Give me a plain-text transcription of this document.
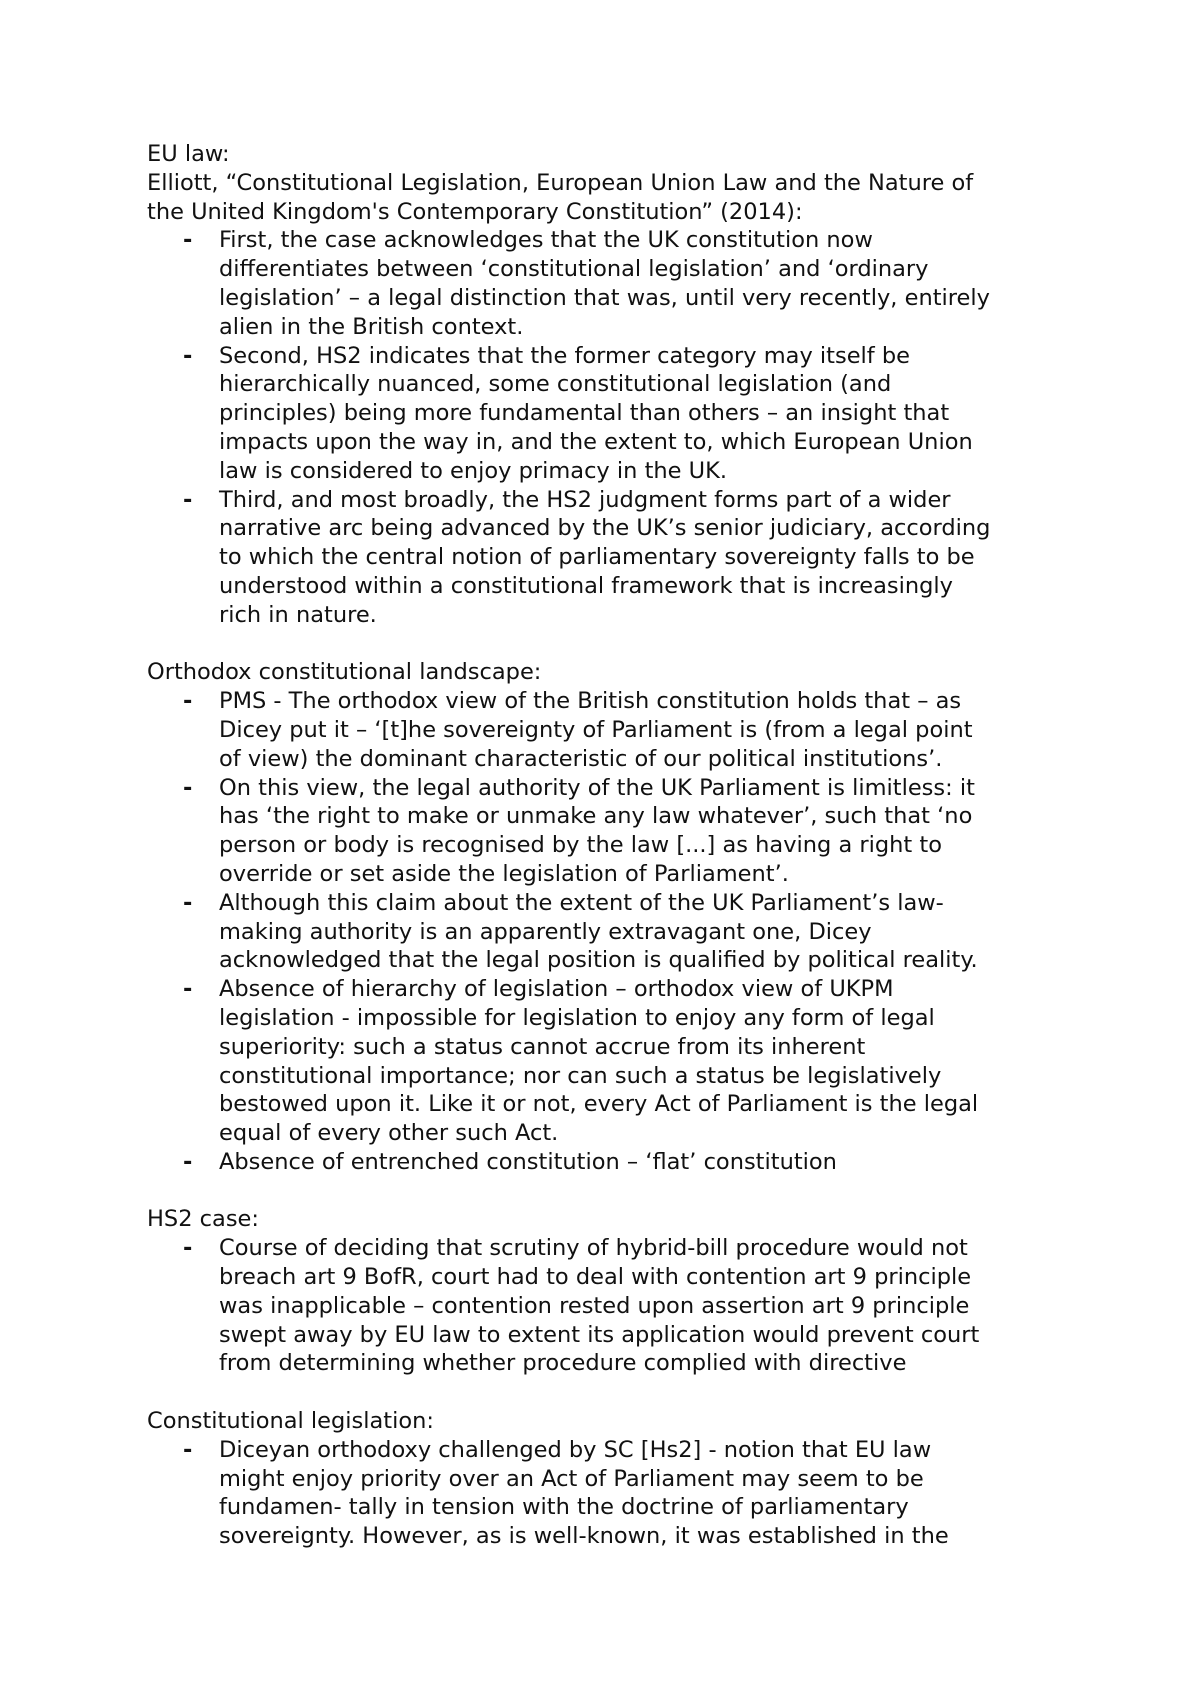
EU law:
Elliott, “Constitutional Legislation, European Union Law and the Nature of
the United Kingdom's Contemporary Constitution” (2014):
- First, the case acknowledges that the UK constitution now
differentiates between ‘constitutional legislation’ and ‘ordinary
legislation’ – a legal distinction that was, until very recently, entirely
alien in the British context.
- Second, HS2 indicates that the former category may itself be
hierarchically nuanced, some constitutional legislation (and
principles) being more fundamental than others – an insight that
impacts upon the way in, and the extent to, which European Union
law is considered to enjoy primacy in the UK.
- Third, and most broadly, the HS2 judgment forms part of a wider
narrative arc being advanced by the UK’s senior judiciary, according
to which the central notion of parliamentary sovereignty falls to be
understood within a constitutional framework that is increasingly
rich in nature.
Orthodox constitutional landscape:
- PMS - The orthodox view of the British constitution holds that – as
Dicey put it – ‘[t]he sovereignty of Parliament is (from a legal point
of view) the dominant characteristic of our political institutions’.
- On this view, the legal authority of the UK Parliament is limitless: it
has ‘the right to make or unmake any law whatever’, such that ‘no
person or body is recognised by the law [...] as having a right to
override or set aside the legislation of Parliament’.
- Although this claim about the extent of the UK Parliament’s law-
making authority is an apparently extravagant one, Dicey
acknowledged that the legal position is qualified by political reality.
- Absence of hierarchy of legislation – orthodox view of UKPM
legislation - impossible for legislation to enjoy any form of legal
superiority: such a status cannot accrue from its inherent
constitutional importance; nor can such a status be legislatively
bestowed upon it. Like it or not, every Act of Parliament is the legal
equal of every other such Act.
- Absence of entrenched constitution – ‘flat’ constitution
HS2 case:
- Course of deciding that scrutiny of hybrid-bill procedure would not
breach art 9 BofR, court had to deal with contention art 9 principle
was inapplicable – contention rested upon assertion art 9 principle
swept away by EU law to extent its application would prevent court
from determining whether procedure complied with directive
Constitutional legislation:
- Diceyan orthodoxy challenged by SC [Hs2] - notion that EU law
might enjoy priority over an Act of Parliament may seem to be
fundamen- tally in tension with the doctrine of parliamentary
sovereignty. However, as is well-known, it was established in the
